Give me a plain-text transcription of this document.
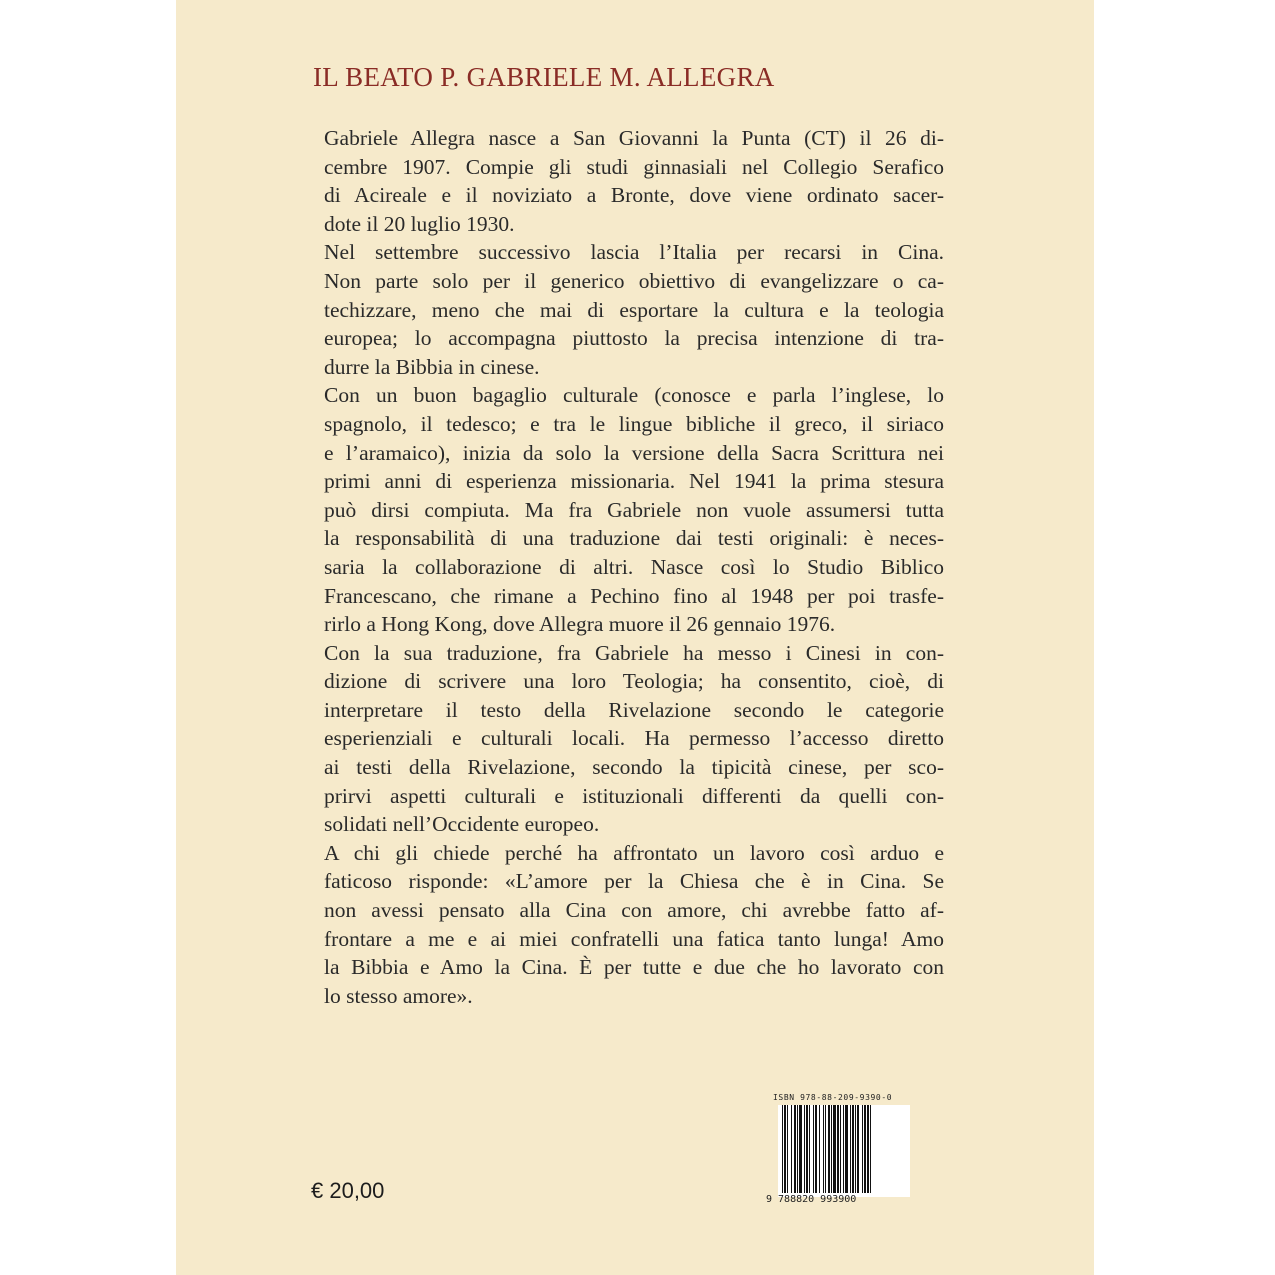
IL BEATO P. GABRIELE M. ALLEGRA
Gabriele Allegra nasce a San Giovanni la Punta (CT) il 26 di-
cembre 1907. Compie gli studi ginnasiali nel Collegio Serafico
di Acireale e il noviziato a Bronte, dove viene ordinato sacer-
dote il 20 luglio 1930.
Nel settembre successivo lascia l’Italia per recarsi in Cina.
Non parte solo per il generico obiettivo di evangelizzare o ca-
techizzare, meno che mai di esportare la cultura e la teologia
europea; lo accompagna piuttosto la precisa intenzione di tra-
durre la Bibbia in cinese.
Con un buon bagaglio culturale (conosce e parla l’inglese, lo
spagnolo, il tedesco; e tra le lingue bibliche il greco, il siriaco
e l’aramaico), inizia da solo la versione della Sacra Scrittura nei
primi anni di esperienza missionaria. Nel 1941 la prima stesura
può dirsi compiuta. Ma fra Gabriele non vuole assumersi tutta
la responsabilità di una traduzione dai testi originali: è neces-
saria la collaborazione di altri. Nasce così lo Studio Biblico
Francescano, che rimane a Pechino fino al 1948 per poi trasfe-
rirlo a Hong Kong, dove Allegra muore il 26 gennaio 1976.
Con la sua traduzione, fra Gabriele ha messo i Cinesi in con-
dizione di scrivere una loro Teologia; ha consentito, cioè, di
interpretare il testo della Rivelazione secondo le categorie
esperienziali e culturali locali. Ha permesso l’accesso diretto
ai testi della Rivelazione, secondo la tipicità cinese, per sco-
prirvi aspetti culturali e istituzionali differenti da quelli con-
solidati nell’Occidente europeo.
A chi gli chiede perché ha affrontato un lavoro così arduo e
faticoso risponde: «L’amore per la Chiesa che è in Cina. Se
non avessi pensato alla Cina con amore, chi avrebbe fatto af-
frontare a me e ai miei confratelli una fatica tanto lunga! Amo
la Bibbia e Amo la Cina. È per tutte e due che ho lavorato con
lo stesso amore».
€ 20,00
ISBN 978-88-209-9390-0
9 788820 993900
